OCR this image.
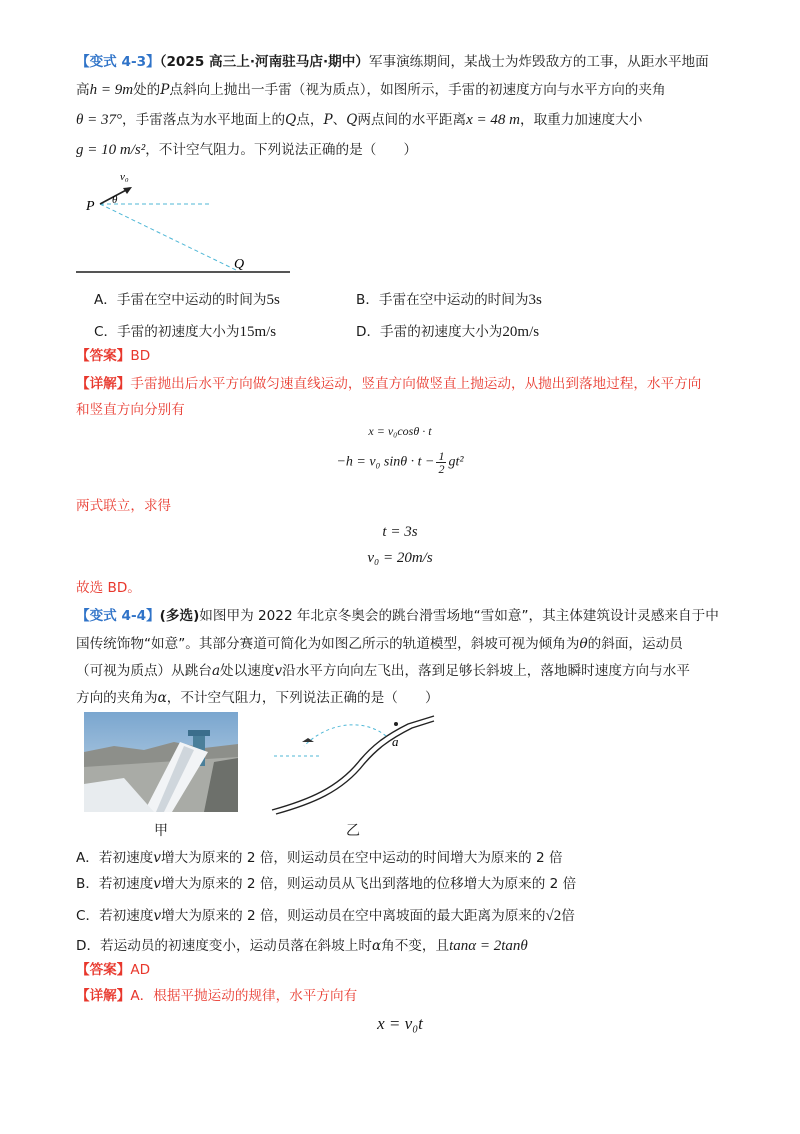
【变式 4-3】（2025 高三上·河南驻马店·期中）军事演练期间，某战士为炸毁敌方的工事，从距水平地面
高h = 9m处的P点斜向上抛出一手雷（视为质点），如图所示，手雷的初速度方向与水平方向的夹角
θ = 37°，手雷落点为水平地面上的Q点，P、Q两点间的水平距离x = 48 m，取重力加速度大小
g = 10 m/s²，不计空气阻力。下列说法正确的是（　　）
v₀
θ
P
Q
A．手雷在空中运动的时间为5s	B．手雷在空中运动的时间为3s
C．手雷的初速度大小为15m/s	D．手雷的初速度大小为20m/s
【答案】BD
【详解】手雷抛出后水平方向做匀速直线运动，竖直方向做竖直上抛运动，从抛出到落地过程，水平方向
和竖直方向分别有
x = v₀cosθ · t
−h = v₀ $\sin\theta \cdot t - \frac{1}{2} gt^2$
两式联立，求得
t = 3s
v₀ = 20m/s
故选 BD。
【变式 4-4】(多选)如图甲为 2022 年北京冬奥会的跳台滑雪场地“雪如意”，其主体建筑设计灵感来自于中
国传统饰物“如意”。其部分赛道可简化为如图乙所示的轨道模型，斜坡可视为倾角为θ的斜面，运动员
（可视为质点）从跳台a处以速度v沿水平方向向左飞出，落到足够长斜坡上，落地瞬时速度方向与水平
方向的夹角为α，不计空气阻力，下列说法正确的是（　　）
甲
a
乙
A．若初速度v增大为原来的 2 倍，则运动员在空中运动的时间增大为原来的 2 倍
B．若初速度v增大为原来的 2 倍，则运动员从飞出到落地的位移增大为原来的 2 倍
C．若初速度v增大为原来的 2 倍，则运动员在空中离坡面的最大距离为原来的√2倍
D．若运动员的初速度变小，运动员落在斜坡上时α角不变，且tanα = 2tanθ
【答案】AD
【详解】A．根据平抛运动的规律，水平方向有
x = v₀t
